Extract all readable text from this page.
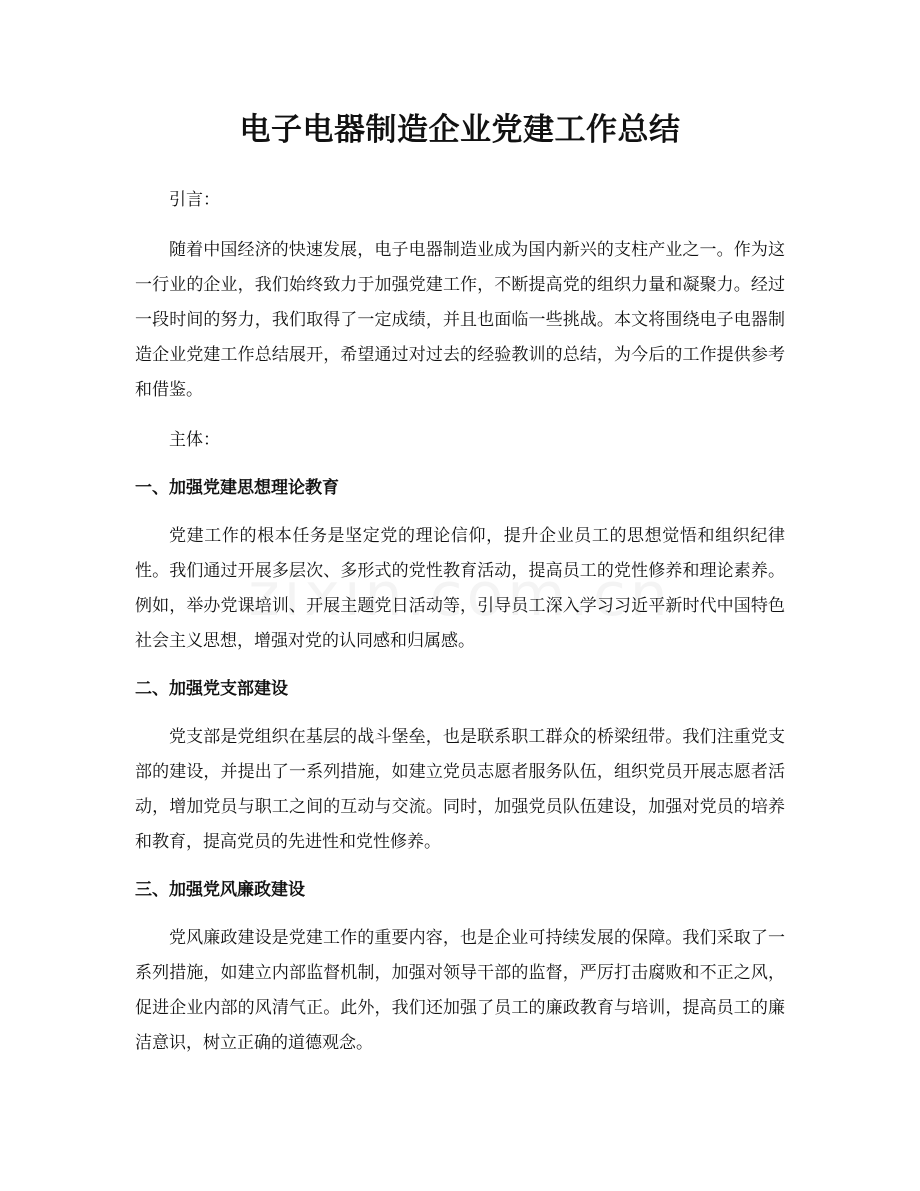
电子电器制造企业党建工作总结

引言：

随着中国经济的快速发展，电子电器制造业成为国内新兴的支柱产业之一。作为这一行业的企业，我们始终致力于加强党建工作，不断提高党的组织力量和凝聚力。经过一段时间的努力，我们取得了一定成绩，并且也面临一些挑战。本文将围绕电子电器制造企业党建工作总结展开，希望通过对过去的经验教训的总结，为今后的工作提供参考和借鉴。

主体：

一、加强党建思想理论教育

党建工作的根本任务是坚定党的理论信仰，提升企业员工的思想觉悟和组织纪律性。我们通过开展多层次、多形式的党性教育活动，提高员工的党性修养和理论素养。例如，举办党课培训、开展主题党日活动等，引导员工深入学习习近平新时代中国特色社会主义思想，增强对党的认同感和归属感。

二、加强党支部建设

党支部是党组织在基层的战斗堡垒，也是联系职工群众的桥梁纽带。我们注重党支部的建设，并提出了一系列措施，如建立党员志愿者服务队伍，组织党员开展志愿者活动，增加党员与职工之间的互动与交流。同时，加强党员队伍建设，加强对党员的培养和教育，提高党员的先进性和党性修养。

三、加强党风廉政建设

党风廉政建设是党建工作的重要内容，也是企业可持续发展的保障。我们采取了一系列措施，如建立内部监督机制，加强对领导干部的监督，严厉打击腐败和不正之风，促进企业内部的风清气正。此外，我们还加强了员工的廉政教育与培训，提高员工的廉洁意识，树立正确的道德观念。
